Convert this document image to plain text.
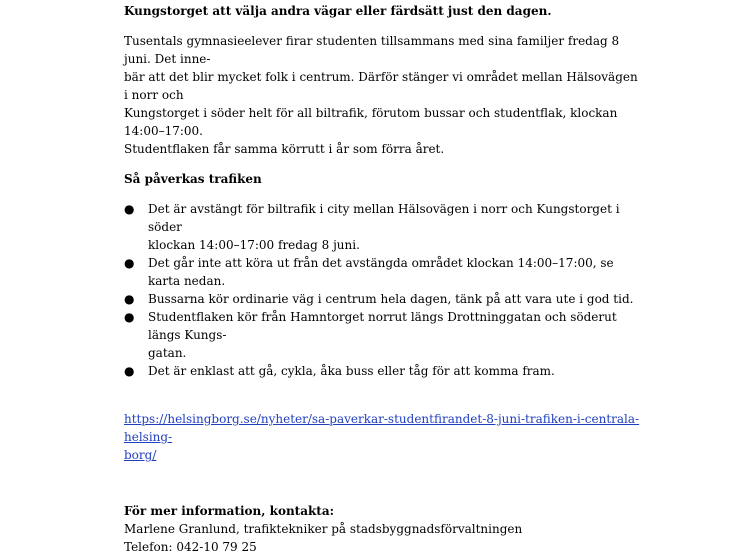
Kungstorget att välja andra vägar eller färdsätt just den dagen.

Tusentals gymnasieelever firar studenten tillsammans med sina familjer fredag 8 juni. Det inne-
bär att det blir mycket folk i centrum. Därför stänger vi området mellan Hälsovägen i norr och
Kungstorget i söder helt för all biltrafik, förutom bussar och studentflak, klockan 14:00–17:00.
Studentflaken får samma körrutt i år som förra året.

Så påverkas trafiken
●	Det är avstängt för biltrafik i city mellan Hälsovägen i norr och Kungstorget i söder
klockan 14:00–17:00 fredag 8 juni.
●	Det går inte att köra ut från det avstängda området klockan 14:00–17:00, se karta nedan.
●	Bussarna kör ordinarie väg i centrum hela dagen, tänk på att vara ute i god tid.
●	Studentflaken kör från Hamntorget norrut längs Drottninggatan och söderut längs Kungs-
gatan.
●	Det är enklast att gå, cykla, åka buss eller tåg för att komma fram.
https://helsingborg.se/nyheter/sa-paverkar-studentfirandet-8-juni-trafiken-i-centrala-helsing-
borg/
För mer information, kontakta:
Marlene Granlund, trafiktekniker på stadsbyggnadsförvaltningen
Telefon: 042-10 79 25
